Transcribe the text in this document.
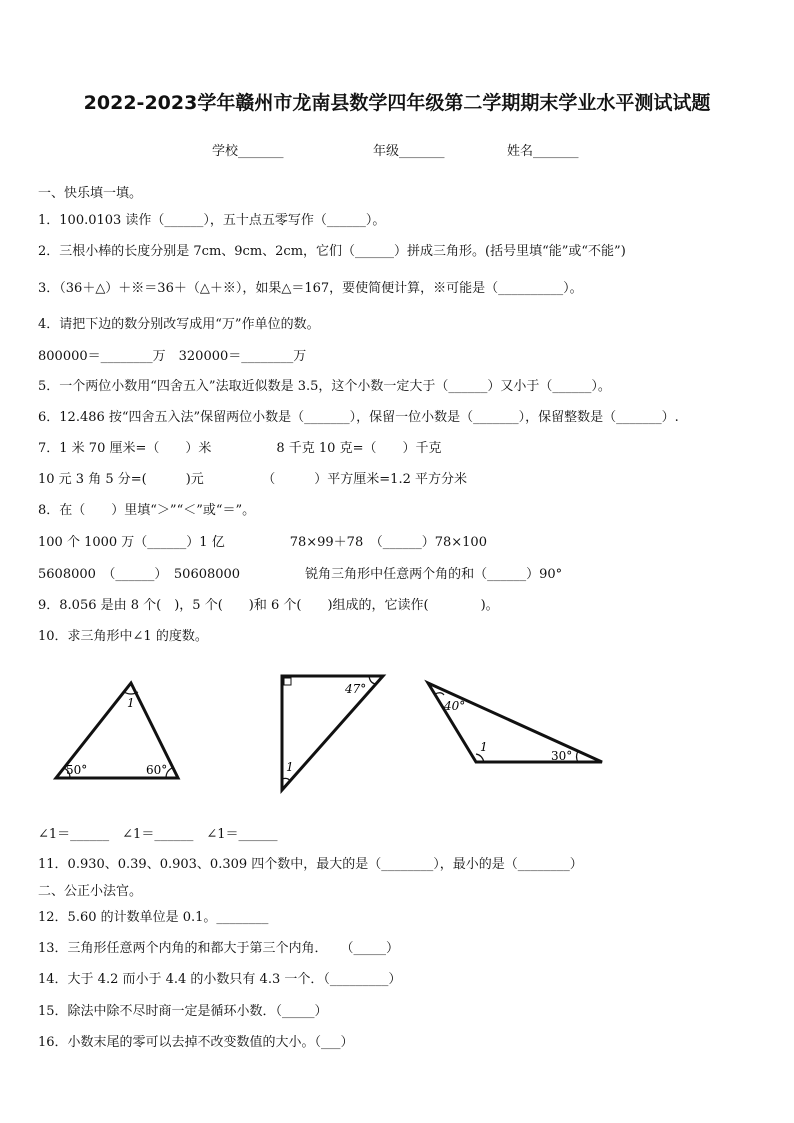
2022-2023学年赣州市龙南县数学四年级第二学期期末学业水平测试试题
学校_______	年级_______	姓名_______
一、快乐填一填。
1．100.0103 读作（______），五十点五零写作（______）。
2．三根小棒的长度分别是 7cm、9cm、2cm，它们（______）拼成三角形。(括号里填“能”或“不能”)
3．（36＋△）＋※＝36＋（△＋※），如果△＝167，要使简便计算，※可能是（__________）。
4．请把下边的数分别改写成用“万”作单位的数。
800000＝________万　320000＝________万
5．一个两位小数用“四舍五入”法取近似数是 3.5，这个小数一定大于（______）又小于（______）。
6．12.486 按“四舍五入法”保留两位小数是（_______），保留一位小数是（_______），保留整数是（_______）.
7．1 米 70 厘米=（　　）米　　　　　8 千克 10 克=（　　）千克
10 元 3 角 5 分=(　　　)元　　　　　（　　　）平方厘米=1.2 平方分米
8．在（　　）里填“＞”“＜”或“＝”。
100 个 1000 万（______）1 亿　　　　　78×99＋78　（______）78×100
5608000　（______）　50608000　　　　　锐角三角形中任意两个角的和（______）90°
9．8.056 是由 8 个(　)，5 个(　　)和 6 个(　　)组成的，它读作(　　　　)。
10．求三角形中∠1 的度数。
1
50°	60°
47°
1
40°
1
30°
∠1＝______　∠1＝______　∠1＝______
11．0.930、0.39、0.903、0.309 四个数中，最大的是（________），最小的是（________）
二、公正小法官。
12．5.60 的计数单位是 0.1。________
13．三角形任意两个内角的和都大于第三个内角．　　（_____）
14．大于 4.2 而小于 4.4 的小数只有 4.3 一个．（_________）
15．除法中除不尽时商一定是循环小数．（_____）
16．小数末尾的零可以去掉不改变数值的大小。（___）
